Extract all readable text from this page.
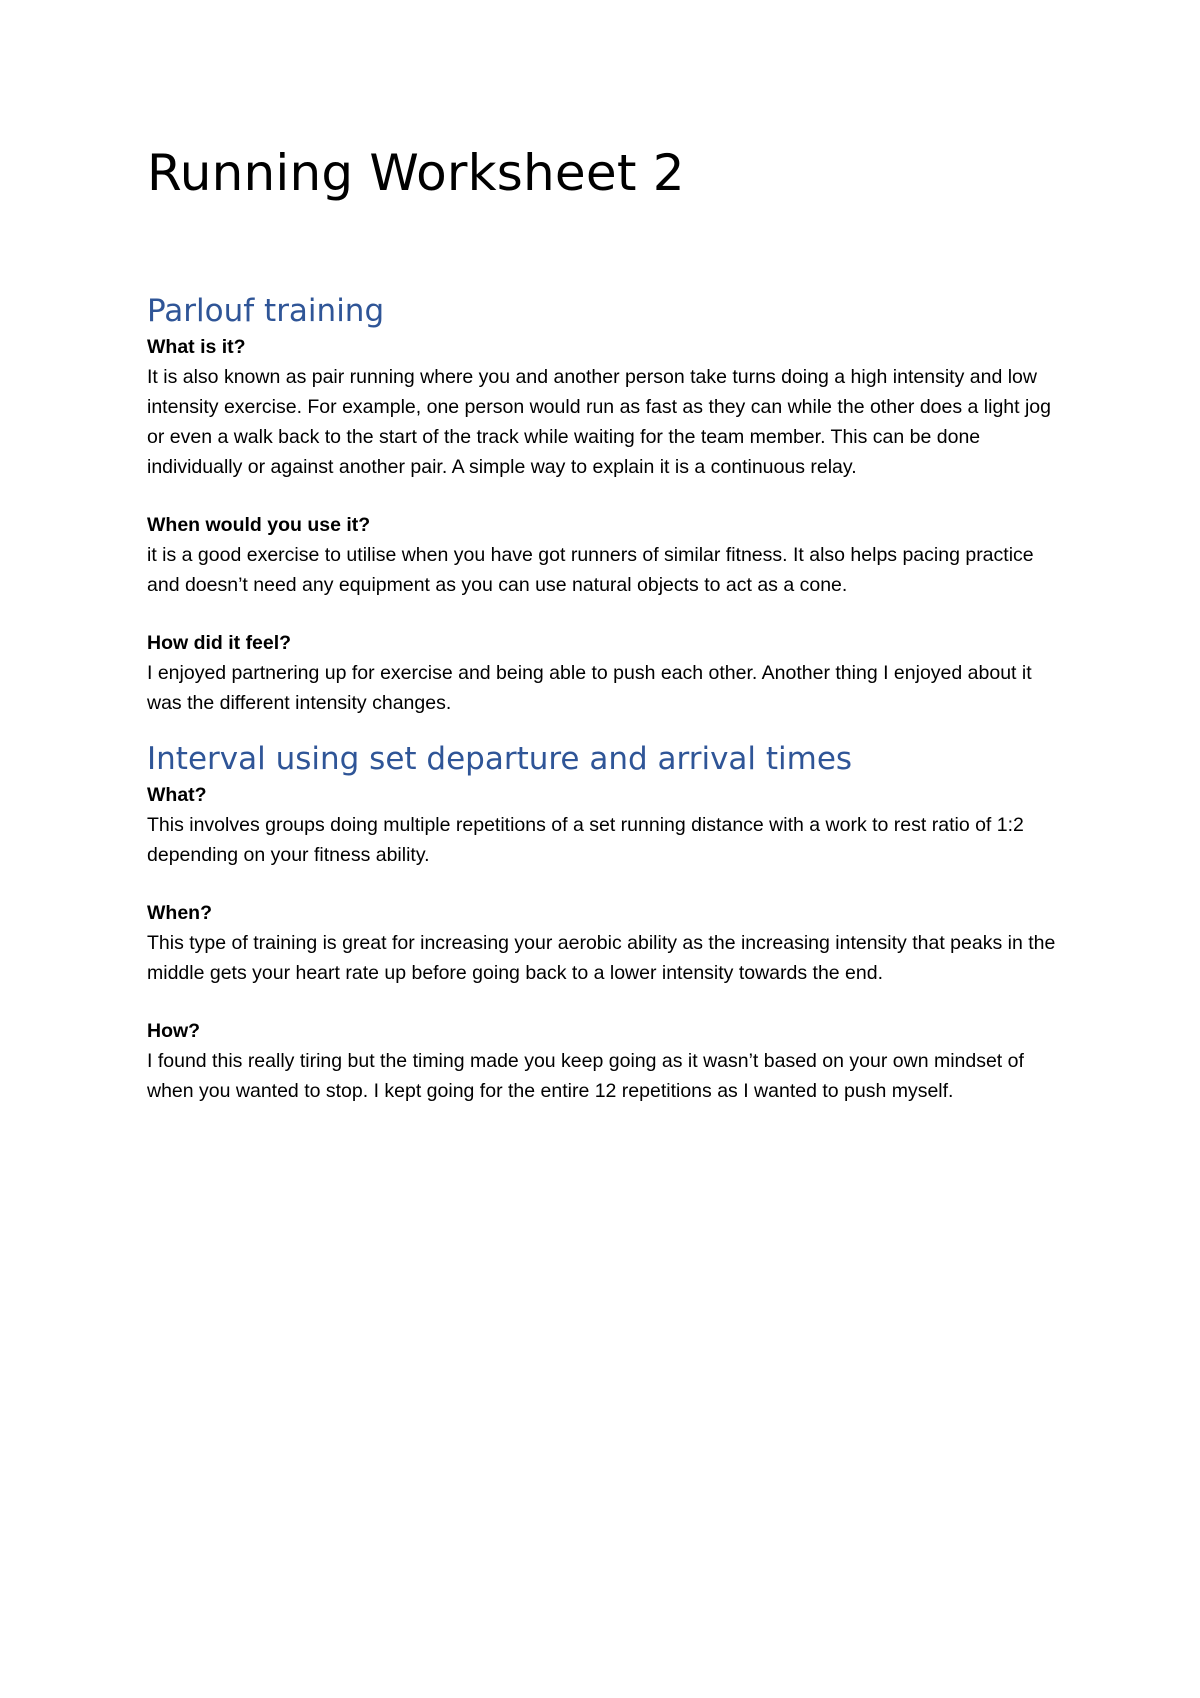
Running Worksheet 2
Parlouf training

What is it?

It is also known as pair running where you and another person take turns doing a high intensity and low intensity exercise. For example, one person would run as fast as they can while the other does a light jog or even a walk back to the start of the track while waiting for the team member. This can be done individually or against another pair. A simple way to explain it is a continuous relay.

When would you use it?

it is a good exercise to utilise when you have got runners of similar fitness. It also helps pacing practice and doesn’t need any equipment as you can use natural objects to act as a cone.

How did it feel?

I enjoyed partnering up for exercise and being able to push each other. Another thing I enjoyed about it was the different intensity changes.

Interval using set departure and arrival times

What?

This involves groups doing multiple repetitions of a set running distance with a work to rest ratio of 1:2 depending on your fitness ability.

When?

This type of training is great for increasing your aerobic ability as the increasing intensity that peaks in the middle gets your heart rate up before going back to a lower intensity towards the end.

How?

I found this really tiring but the timing made you keep going as it wasn’t based on your own mindset of when you wanted to stop. I kept going for the entire 12 repetitions as I wanted to push myself.
